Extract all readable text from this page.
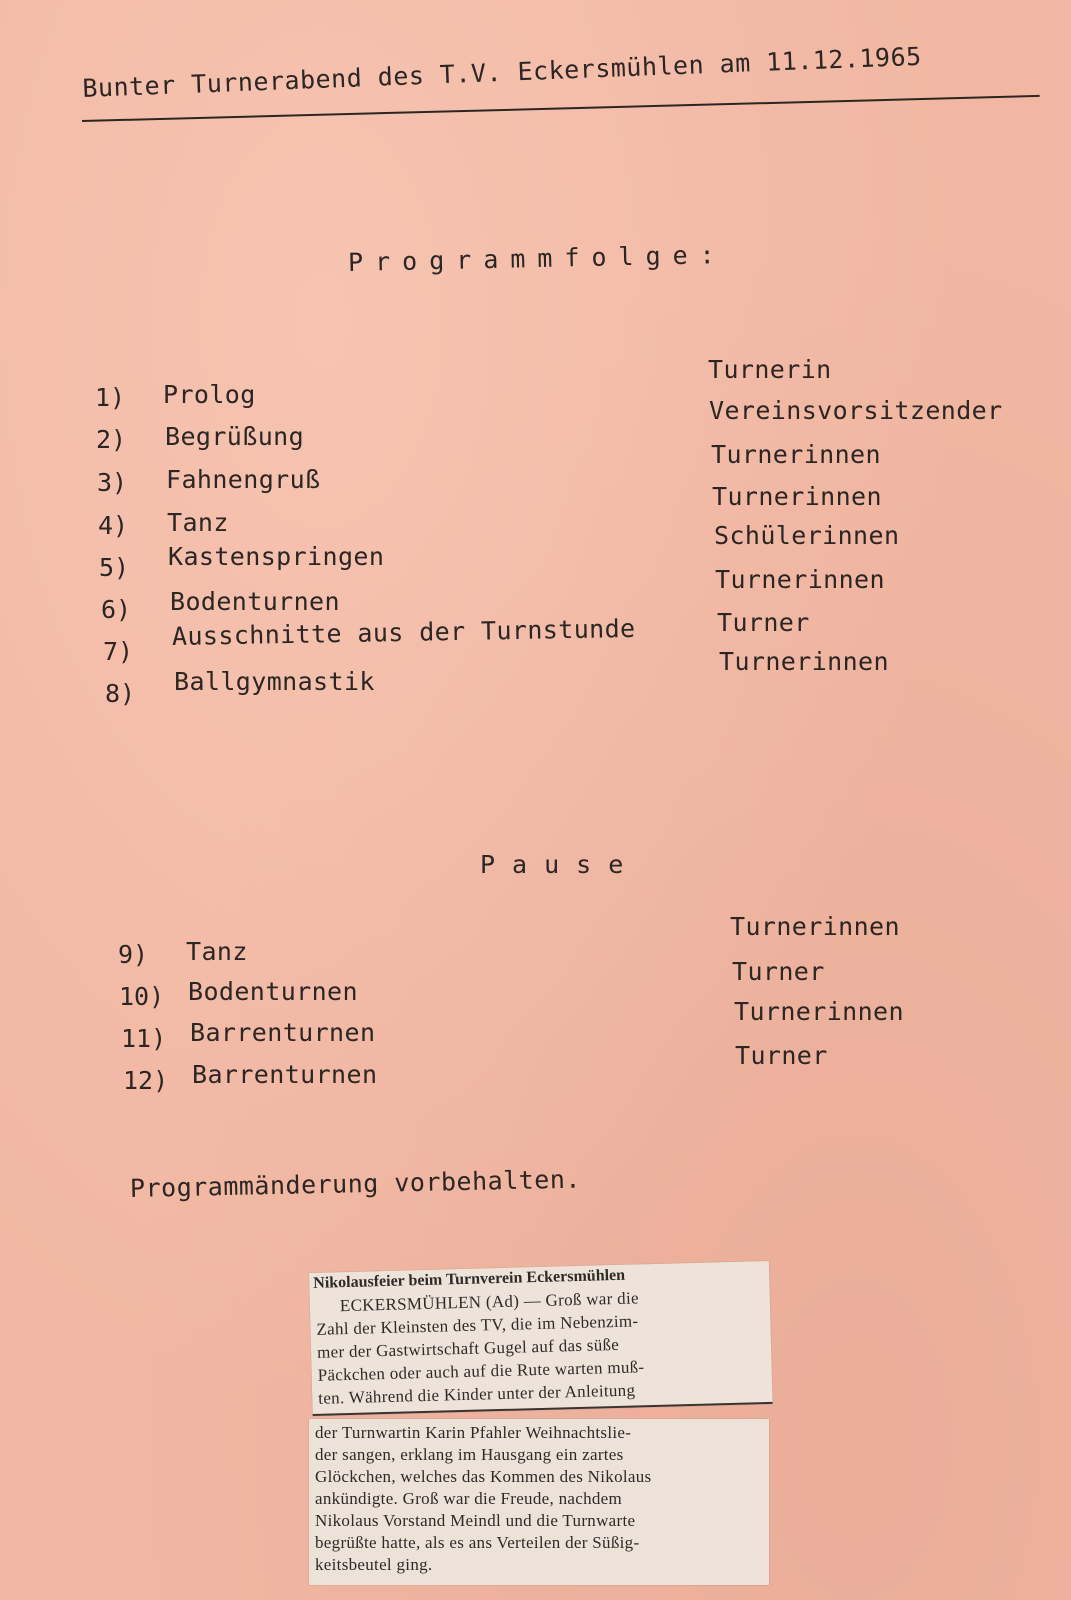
Bunter Turnerabend des T.V. Eckersmühlen am 11.12.1965
Programmfolge:
1) Prolog
Turnerin
2) Begrüßung
Vereinsvorsitzender
3) Fahnengruß
Turnerinnen
4) Tanz
Turnerinnen
5) Kastenspringen
Schülerinnen
6) Bodenturnen
Turnerinnen
7)
Ausschnitte aus der Turnstunde	Turner
8) Ballgymnastik
Turnerinnen
Pause
9) Tanz
Turnerinnen
10) Bodenturnen
Turner
11) Barrenturnen
Turnerinnen
12) Barrenturnen
Turner
Programmänderung vorbehalten.
Nikolausfeier beim Turnverein Eckersmühlen
ECKERSMÜHLEN (Ad) — Groß war die
Zahl der Kleinsten des TV, die im Nebenzim-
mer der Gastwirtschaft Gugel auf das süße
Päckchen oder auch auf die Rute warten muß-
ten. Während die Kinder unter der Anleitung
der Turnwartin Karin Pfahler Weihnachtslie-
der sangen, erklang im Hausgang ein zartes
Glöckchen, welches das Kommen des Nikolaus
ankündigte. Groß war die Freude, nachdem
Nikolaus Vorstand Meindl und die Turnwarte
begrüßte hatte, als es ans Verteilen der Süßig-
keitsbeutel ging.
